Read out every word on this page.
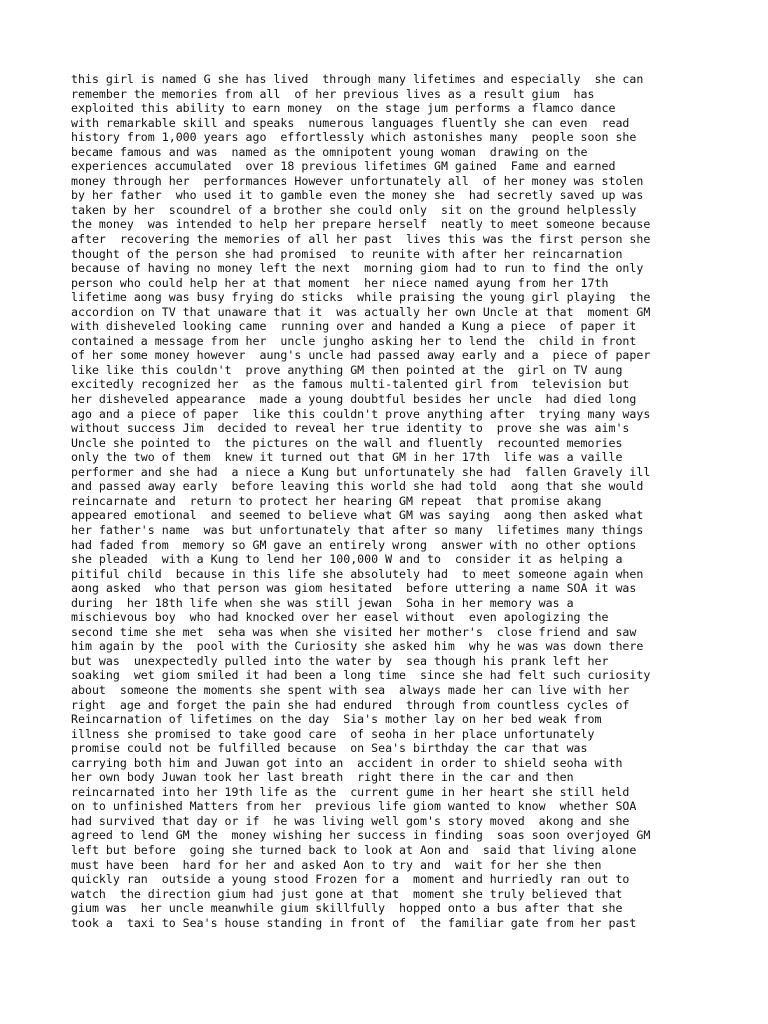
this girl is named G she has lived  through many lifetimes and especially  she can
remember the memories from all  of her previous lives as a result gium  has
exploited this ability to earn money  on the stage jum performs a flamco dance
with remarkable skill and speaks  numerous languages fluently she can even  read
history from 1,000 years ago  effortlessly which astonishes many  people soon she
became famous and was  named as the omnipotent young woman  drawing on the
experiences accumulated  over 18 previous lifetimes GM gained  Fame and earned
money through her  performances However unfortunately all  of her money was stolen
by her father  who used it to gamble even the money she  had secretly saved up was
taken by her  scoundrel of a brother she could only  sit on the ground helplessly
the money  was intended to help her prepare herself  neatly to meet someone because
after  recovering the memories of all her past  lives this was the first person she
thought of the person she had promised  to reunite with after her reincarnation
because of having no money left the next  morning giom had to run to find the only
person who could help her at that moment  her niece named ayung from her 17th
lifetime aong was busy frying do sticks  while praising the young girl playing  the
accordion on TV that unaware that it  was actually her own Uncle at that  moment GM
with disheveled looking came  running over and handed a Kung a piece  of paper it
contained a message from her  uncle jungho asking her to lend the  child in front
of her some money however  aung's uncle had passed away early and a  piece of paper
like like this couldn't  prove anything GM then pointed at the  girl on TV aung
excitedly recognized her  as the famous multi-talented girl from  television but
her disheveled appearance  made a young doubtful besides her uncle  had died long
ago and a piece of paper  like this couldn't prove anything after  trying many ways
without success Jim  decided to reveal her true identity to  prove she was aim's
Uncle she pointed to  the pictures on the wall and fluently  recounted memories
only the two of them  knew it turned out that GM in her 17th  life was a vaille
performer and she had  a niece a Kung but unfortunately she had  fallen Gravely ill
and passed away early  before leaving this world she had told  aong that she would
reincarnate and  return to protect her hearing GM repeat  that promise akang
appeared emotional  and seemed to believe what GM was saying  aong then asked what
her father's name  was but unfortunately that after so many  lifetimes many things
had faded from  memory so GM gave an entirely wrong  answer with no other options
she pleaded  with a Kung to lend her 100,000 W and to  consider it as helping a
pitiful child  because in this life she absolutely had  to meet someone again when
aong asked  who that person was giom hesitated  before uttering a name SOA it was
during  her 18th life when she was still jewan  Soha in her memory was a
mischievous boy  who had knocked over her easel without  even apologizing the
second time she met  seha was when she visited her mother's  close friend and saw
him again by the  pool with the Curiosity she asked him  why he was was down there
but was  unexpectedly pulled into the water by  sea though his prank left her
soaking  wet giom smiled it had been a long time  since she had felt such curiosity
about  someone the moments she spent with sea  always made her can live with her
right  age and forget the pain she had endured  through from countless cycles of
Reincarnation of lifetimes on the day  Sia's mother lay on her bed weak from
illness she promised to take good care  of seoha in her place unfortunately
promise could not be fulfilled because  on Sea's birthday the car that was
carrying both him and Juwan got into an  accident in order to shield seoha with
her own body Juwan took her last breath  right there in the car and then
reincarnated into her 19th life as the  current gume in her heart she still held
on to unfinished Matters from her  previous life giom wanted to know  whether SOA
had survived that day or if  he was living well gom's story moved  akong and she
agreed to lend GM the  money wishing her success in finding  soas soon overjoyed GM
left but before  going she turned back to look at Aon and  said that living alone
must have been  hard for her and asked Aon to try and  wait for her she then
quickly ran  outside a young stood Frozen for a  moment and hurriedly ran out to
watch  the direction gium had just gone at that  moment she truly believed that
gium was  her uncle meanwhile gium skillfully  hopped onto a bus after that she
took a  taxi to Sea's house standing in front of  the familiar gate from her past
